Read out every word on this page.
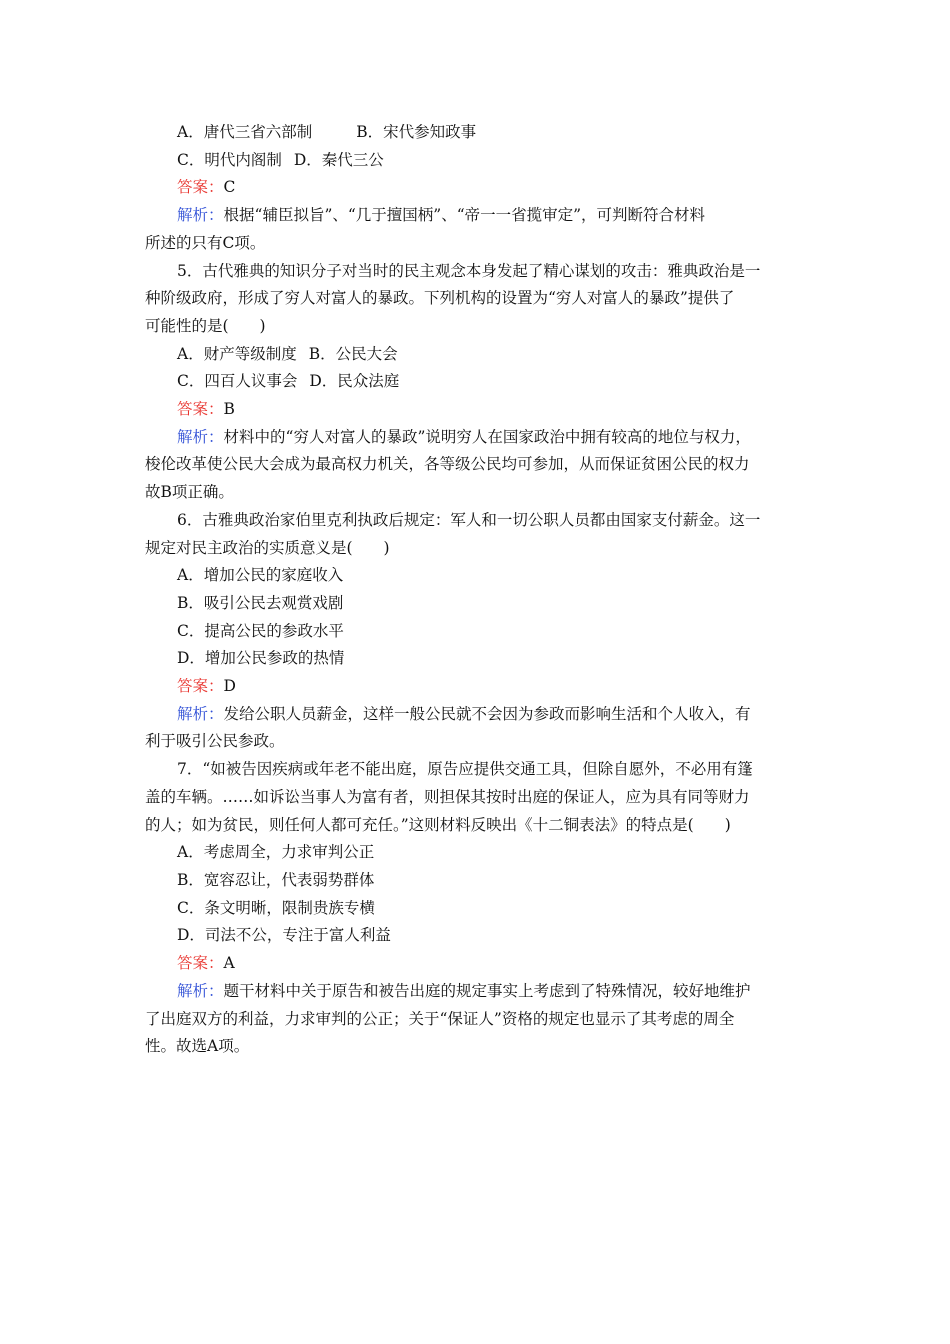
A．唐代三省六部制	B．宋代参知政事
C．明代内阁制 D．秦代三公
答案：C
解析：根据“辅臣拟旨”、“几于擅国柄”、“帝一一省揽审定”，可判断符合材料
所述的只有C项。
5．古代雅典的知识分子对当时的民主观念本身发起了精心谋划的攻击：雅典政治是一
种阶级政府，形成了穷人对富人的暴政。下列机构的设置为“穷人对富人的暴政”提供了
可能性的是(　　)
A．财产等级制度 B．公民大会
C．四百人议事会 D．民众法庭
答案：B
解析：材料中的“穷人对富人的暴政”说明穷人在国家政治中拥有较高的地位与权力，
梭伦改革使公民大会成为最高权力机关，各等级公民均可参加，从而保证贫困公民的权力
故B项正确。
6．古雅典政治家伯里克利执政后规定：军人和一切公职人员都由国家支付薪金。这一
规定对民主政治的实质意义是(　　)
A．增加公民的家庭收入
B．吸引公民去观赏戏剧
C．提高公民的参政水平
D．增加公民参政的热情
答案：D
解析：发给公职人员薪金，这样一般公民就不会因为参政而影响生活和个人收入，有
利于吸引公民参政。
7．“如被告因疾病或年老不能出庭，原告应提供交通工具，但除自愿外，不必用有篷
盖的车辆。……如诉讼当事人为富有者，则担保其按时出庭的保证人，应为具有同等财力
的人；如为贫民，则任何人都可充任。”这则材料反映出《十二铜表法》的特点是(　　)
A．考虑周全，力求审判公正
B．宽容忍让，代表弱势群体
C．条文明晰，限制贵族专横
D．司法不公，专注于富人利益
答案：A
解析：题干材料中关于原告和被告出庭的规定事实上考虑到了特殊情况，较好地维护
了出庭双方的利益，力求审判的公正；关于“保证人”资格的规定也显示了其考虑的周全
性。故选A项。
